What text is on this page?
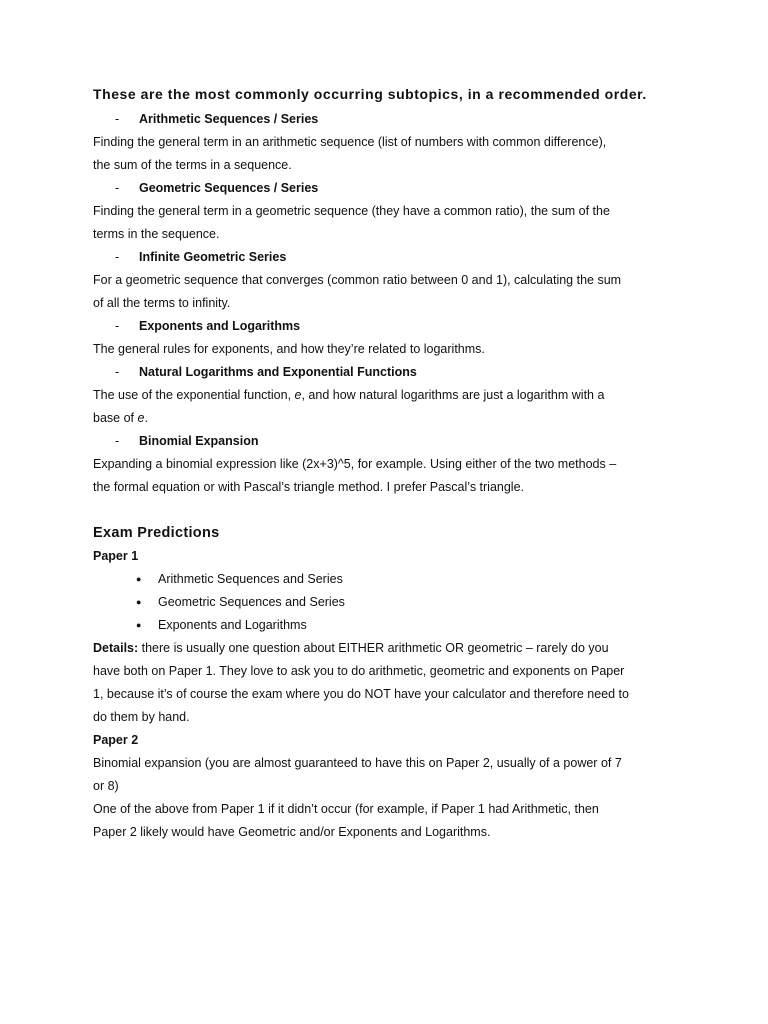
These are the most commonly occurring subtopics, in a recommended order.

-	Arithmetic Sequences / Series

Finding the general term in an arithmetic sequence (list of numbers with common difference),

the sum of the terms in a sequence.

-	Geometric Sequences / Series

Finding the general term in a geometric sequence (they have a common ratio), the sum of the

terms in the sequence.

-	Infinite Geometric Series

For a geometric sequence that converges (common ratio between 0 and 1), calculating the sum

of all the terms to infinity.

-	Exponents and Logarithms

The general rules for exponents, and how they’re related to logarithms.

-	Natural Logarithms and Exponential Functions

The use of the exponential function, e, and how natural logarithms are just a logarithm with a

base of e.

-	Binomial Expansion

Expanding a binomial expression like (2x+3)^5, for example. Using either of the two methods –

the formal equation or with Pascal’s triangle method. I prefer Pascal’s triangle.

Exam Predictions

Paper 1

●	Arithmetic Sequences and Series
●	Geometric Sequences and Series
●	Exponents and Logarithms

Details: there is usually one question about EITHER arithmetic OR geometric – rarely do you

have both on Paper 1. They love to ask you to do arithmetic, geometric and exponents on Paper

1, because it’s of course the exam where you do NOT have your calculator and therefore need to

do them by hand.

Paper 2

Binomial expansion (you are almost guaranteed to have this on Paper 2, usually of a power of 7

or 8)

One of the above from Paper 1 if it didn’t occur (for example, if Paper 1 had Arithmetic, then

Paper 2 likely would have Geometric and/or Exponents and Logarithms.
